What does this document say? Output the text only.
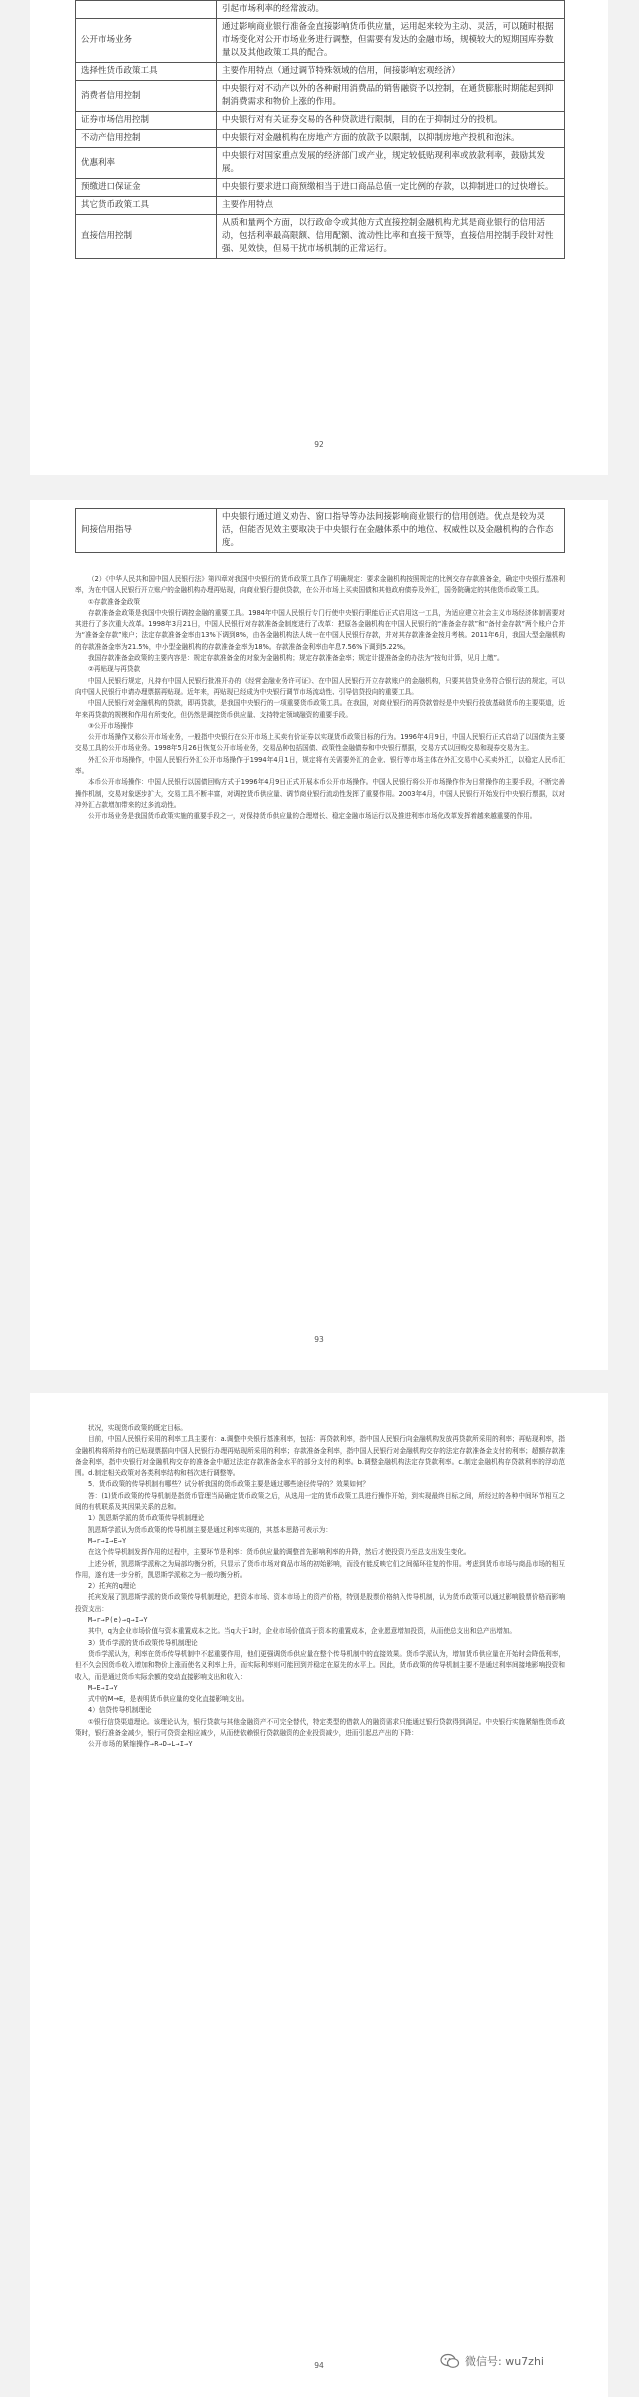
	引起市场利率的经常波动。
公开市场业务	通过影响商业银行准备金直接影响货币供应量，运用起来较为主动、灵活，可以随时根据市场变化对公开市场业务进行调整，但需要有发达的金融市场，规模较大的短期国库券数量以及其他政策工具的配合。
选择性货币政策工具	主要作用特点（通过调节特殊领域的信用，间接影响宏观经济）
消费者信用控制	中央银行对不动产以外的各种耐用消费品的销售融资予以控制，在通货膨胀时期能起到抑制消费需求和物价上涨的作用。
证券市场信用控制	中央银行对有关证券交易的各种贷款进行限制，目的在于抑制过分的投机。
不动产信用控制	中央银行对金融机构在房地产方面的放款予以限制，以抑制房地产投机和泡沫。
优惠利率	中央银行对国家重点发展的经济部门或产业，规定较低贴现利率或放款利率，鼓励其发展。
预缴进口保证金	中央银行要求进口商预缴相当于进口商品总值一定比例的存款，以抑制进口的过快增长。
其它货币政策工具	主要作用特点
直接信用控制	从质和量两个方面，以行政命令或其他方式直接控制金融机构尤其是商业银行的信用活动，包括利率最高限额、信用配额、流动性比率和直接干预等，直接信用控制手段针对性强、见效快，但易干扰市场机制的正常运行。
92
间接信用指导	中央银行通过道义劝告、窗口指导等办法间接影响商业银行的信用创造。优点是较为灵活，但能否见效主要取决于中央银行在金融体系中的地位、权威性以及金融机构的合作态度。

（2）《中华人民共和国中国人民银行法》第四章对我国中央银行的货币政策工具作了明确规定：要求金融机构按照规定的比例交存存款准备金，确定中央银行基准利率，为在中国人民银行开立账户的金融机构办理再贴现，向商业银行提供贷款，在公开市场上买卖国债和其他政府债券及外汇，国务院确定的其他货币政策工具。

①存款准备金政策

存款准备金政策是我国中央银行调控金融的重要工具。1984年中国人民银行专门行使中央银行职能后正式启用这一工具，为适应建立社会主义市场经济体制需要对其进行了多次重大改革。1998年3月21日，中国人民银行对存款准备金制度进行了改革：把原各金融机构在中国人民银行的“准备金存款”和“备付金存款”两个账户合并为“准备金存款”账户；法定存款准备金率由13%下调到8%，由各金融机构法人统一在中国人民银行存款，并对其存款准备金按月考核。2011年6月，我国大型金融机构的存款准备金率为21.5%，中小型金融机构的存款准备金率为18%。存款准备金利率由年息7.56%下调到5.22%。

我国存款准备金政策的主要内容是：规定存款准备金的对象为金融机构；规定存款准备金率；规定计提准备金的办法为“按旬计算，见月上缴”。

②再贴现与再贷款

中国人民银行规定，凡持有中国人民银行批准开办的《经营金融业务许可证》、在中国人民银行开立存款账户的金融机构，只要其信贷业务符合银行法的规定，可以向中国人民银行申请办理票据再贴现。近年来，再贴现已经成为中央银行调节市场流动性、引导信贷投向的重要工具。

中国人民银行对金融机构的贷款，即再贷款，是我国中央银行的一项重要货币政策工具。在我国，对商业银行的再贷款曾经是中央银行投放基础货币的主要渠道，近年来再贷款的规模和作用有所变化，但仍然是调控货币供应量、支持特定领域融资的重要手段。

③公开市场操作

公开市场操作又称公开市场业务，一般指中央银行在公开市场上买卖有价证券以实现货币政策目标的行为。1996年4月9日，中国人民银行正式启动了以国债为主要交易工具的公开市场业务。1998年5月26日恢复公开市场业务，交易品种包括国债、政策性金融债券和中央银行票据，交易方式以回购交易和现券交易为主。

外汇公开市场操作，中国人民银行外汇公开市场操作于1994年4月1日，规定将有关需要外汇的企业、银行等市场主体在外汇交易中心买卖外汇，以稳定人民币汇率。

本币公开市场操作：中国人民银行以国债回购方式于1996年4月9日正式开展本币公开市场操作。中国人民银行将公开市场操作作为日常操作的主要手段，不断完善操作机制，交易对象逐步扩大，交易工具不断丰富，对调控货币供应量、调节商业银行流动性发挥了重要作用。2003年4月，中国人民银行开始发行中央银行票据，以对冲外汇占款增加带来的过多流动性。

公开市场业务是我国货币政策实施的重要手段之一，对保持货币供应量的合理增长、稳定金融市场运行以及推进利率市场化改革发挥着越来越重要的作用。

93

状况，实现货币政策的既定目标。

目前，中国人民银行采用的利率工具主要有：a.调整中央银行基准利率，包括：再贷款利率，指中国人民银行向金融机构发放再贷款所采用的利率；再贴现利率，指金融机构将所持有的已贴现票据向中国人民银行办理再贴现所采用的利率；存款准备金利率，指中国人民银行对金融机构交存的法定存款准备金支付的利率；超额存款准备金利率，指中央银行对金融机构交存的准备金中超过法定存款准备金水平的部分支付的利率。b.调整金融机构法定存贷款利率。c.制定金融机构存贷款利率的浮动范围。d.制定相关政策对各类利率结构和档次进行调整等。

5．货币政策的传导机制有哪些？试分析我国的货币政策主要是通过哪些途径传导的？效果如何？

答：(1)货币政策的传导机制是指货币管理当局确定货币政策之后，从选用一定的货币政策工具进行操作开始，到实现最终目标之间，所经过的各种中间环节相互之间的有机联系及其因果关系的总和。

1）凯恩斯学派的货币政策传导机制理论

凯恩斯学派认为货币政策的传导机制主要是通过利率实现的，其基本思路可表示为：

M→r→I→E→Y

在这个传导机制发挥作用的过程中，主要环节是利率：货币供应量的调整首先影响利率的升降，然后才使投资乃至总支出发生变化。

上述分析，凯恩斯学派称之为局部均衡分析，只显示了货币市场对商品市场的初始影响，而没有能反映它们之间循环往复的作用。考虑到货币市场与商品市场的相互作用，遂有进一步分析，凯恩斯学派称之为一般均衡分析。

2）托宾的q理论

托宾发展了凯恩斯学派的货币政策传导机制理论，把资本市场、资本市场上的资产价格，特别是股票价格纳入传导机制，认为货币政策可以通过影响股票价格而影响投资支出：

M→r→P(e)→q→I→Y

其中，q为企业市场价值与资本重置成本之比。当q大于1时，企业市场价值高于资本的重置成本，企业愿意增加投资，从而使总支出和总产出增加。

3）货币学派的货币政策传导机制理论

货币学派认为，利率在货币传导机制中不起重要作用，他们更强调货币供应量在整个传导机制中的直接效果。货币学派认为，增加货币供应量在开始时会降低利率，但不久会因货币收入增加和物价上涨而使名义利率上升，而实际利率则可能回到并稳定在原先的水平上。因此，货币政策的传导机制主要不是通过利率间接地影响投资和收入，而是通过货币实际余额的变动直接影响支出和收入：

M→E→I→Y

式中的M→E，是表明货币供应量的变化直接影响支出。

4）信贷传导机制理论

①银行信贷渠道理论。该理论认为，银行贷款与其他金融资产不可完全替代，特定类型的借款人的融资需求只能通过银行贷款得到满足。中央银行实施紧缩性货币政策时，银行准备金减少，银行可贷资金相应减少，从而使依赖银行贷款融资的企业投资减少，进而引起总产出的下降：

公开市场的紧缩操作→R→D→L→I→Y

94	微信号: wu7zhi
